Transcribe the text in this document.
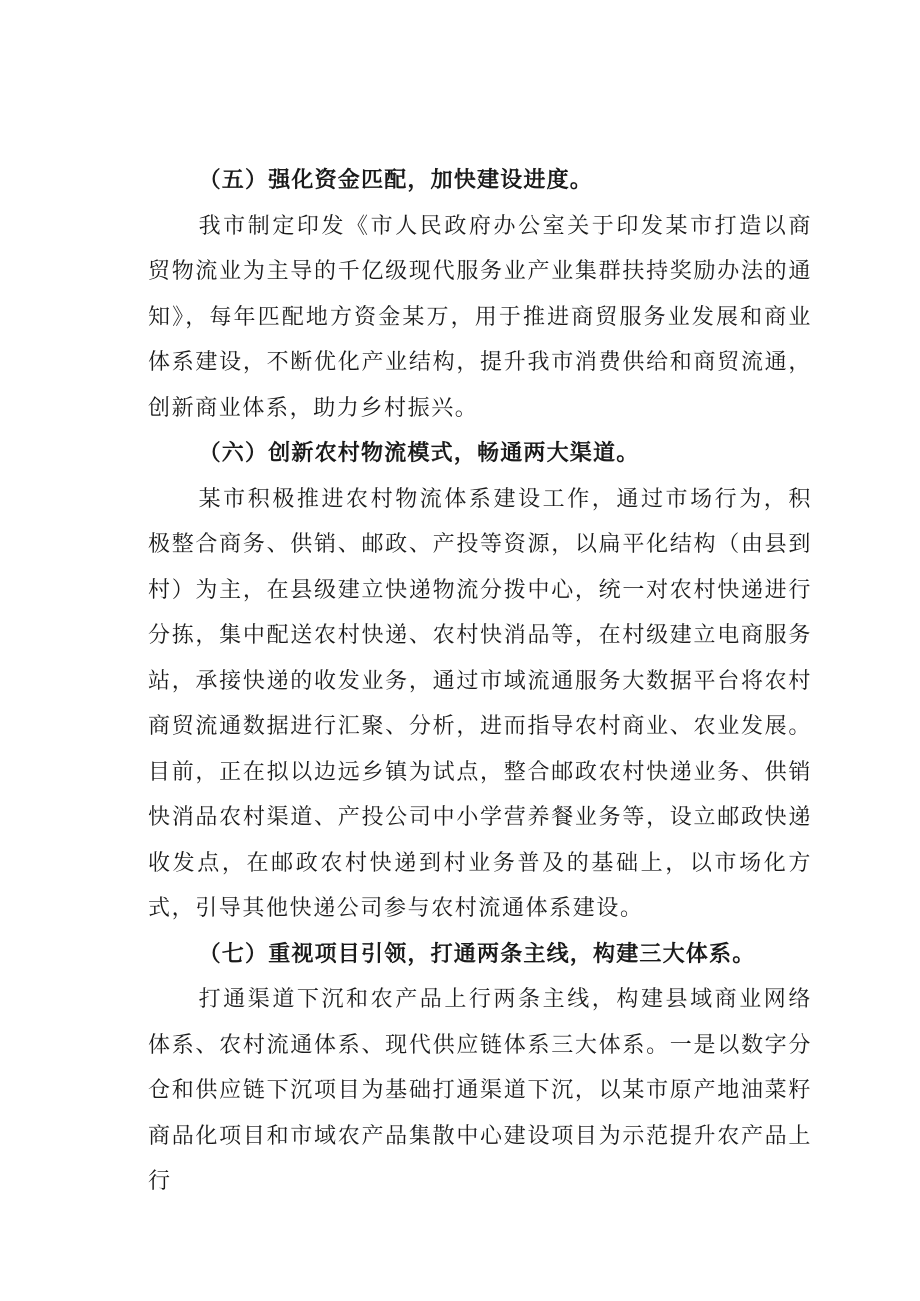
（五）强化资金匹配，加快建设进度。

我市制定印发《市人民政府办公室关于印发某市打造以商贸物流业为主导的千亿级现代服务业产业集群扶持奖励办法的通知》，每年匹配地方资金某万，用于推进商贸服务业发展和商业体系建设，不断优化产业结构，提升我市消费供给和商贸流通，创新商业体系，助力乡村振兴。

（六）创新农村物流模式，畅通两大渠道。

某市积极推进农村物流体系建设工作，通过市场行为，积极整合商务、供销、邮政、产投等资源，以扁平化结构（由县到村）为主，在县级建立快递物流分拨中心，统一对农村快递进行分拣，集中配送农村快递、农村快消品等，在村级建立电商服务站，承接快递的收发业务，通过市域流通服务大数据平台将农村商贸流通数据进行汇聚、分析，进而指导农村商业、农业发展。目前，正在拟以边远乡镇为试点，整合邮政农村快递业务、供销快消品农村渠道、产投公司中小学营养餐业务等，设立邮政快递收发点，在邮政农村快递到村业务普及的基础上，以市场化方式，引导其他快递公司参与农村流通体系建设。

（七）重视项目引领，打通两条主线，构建三大体系。

打通渠道下沉和农产品上行两条主线，构建县域商业网络体系、农村流通体系、现代供应链体系三大体系。一是以数字分仓和供应链下沉项目为基础打通渠道下沉，以某市原产地油菜籽商品化项目和市域农产品集散中心建设项目为示范提升农产品上行
